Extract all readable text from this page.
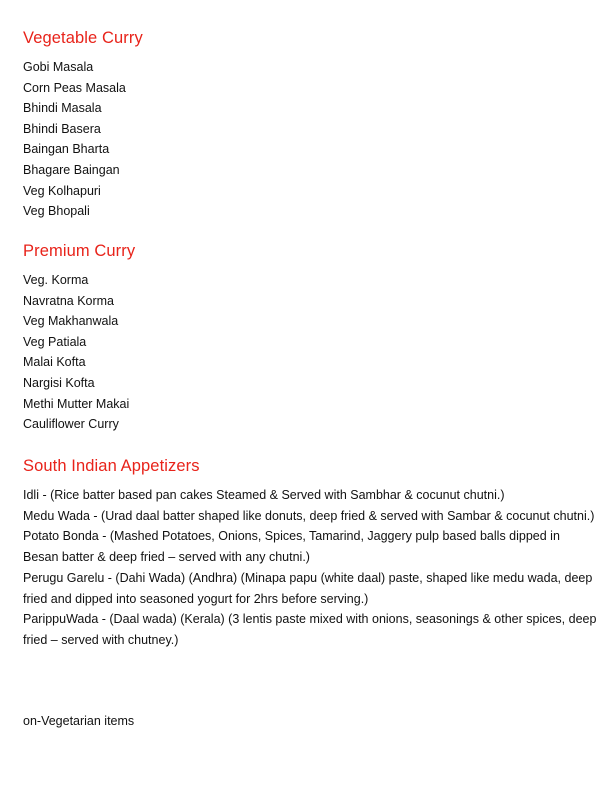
Vegetable Curry
Gobi Masala
Corn Peas Masala
Bhindi Masala
Bhindi Basera
Baingan Bharta
Bhagare Baingan
Veg Kolhapuri
Veg Bhopali
Premium Curry
Veg. Korma
Navratna Korma
Veg Makhanwala
Veg Patiala
Malai Kofta
Nargisi Kofta
Methi Mutter Makai
Cauliflower Curry
South Indian Appetizers
Idli - (Rice batter based pan cakes Steamed & Served with Sambhar & cocunut chutni.)
Medu Wada - (Urad daal batter shaped like donuts, deep fried & served with Sambar & cocunut chutni.)
Potato Bonda - (Mashed Potatoes, Onions, Spices, Tamarind, Jaggery pulp based balls dipped in Besan batter & deep fried – served with any chutni.)
Perugu Garelu - (Dahi Wada) (Andhra) (Minapa papu (white daal) paste, shaped like medu wada, deep fried and dipped into seasoned yogurt for 2hrs before serving.)
ParippuWada - (Daal wada) (Kerala) (3 lentis paste mixed with onions, seasonings & other spices, deep fried – served with chutney.)
on-Vegetarian items
